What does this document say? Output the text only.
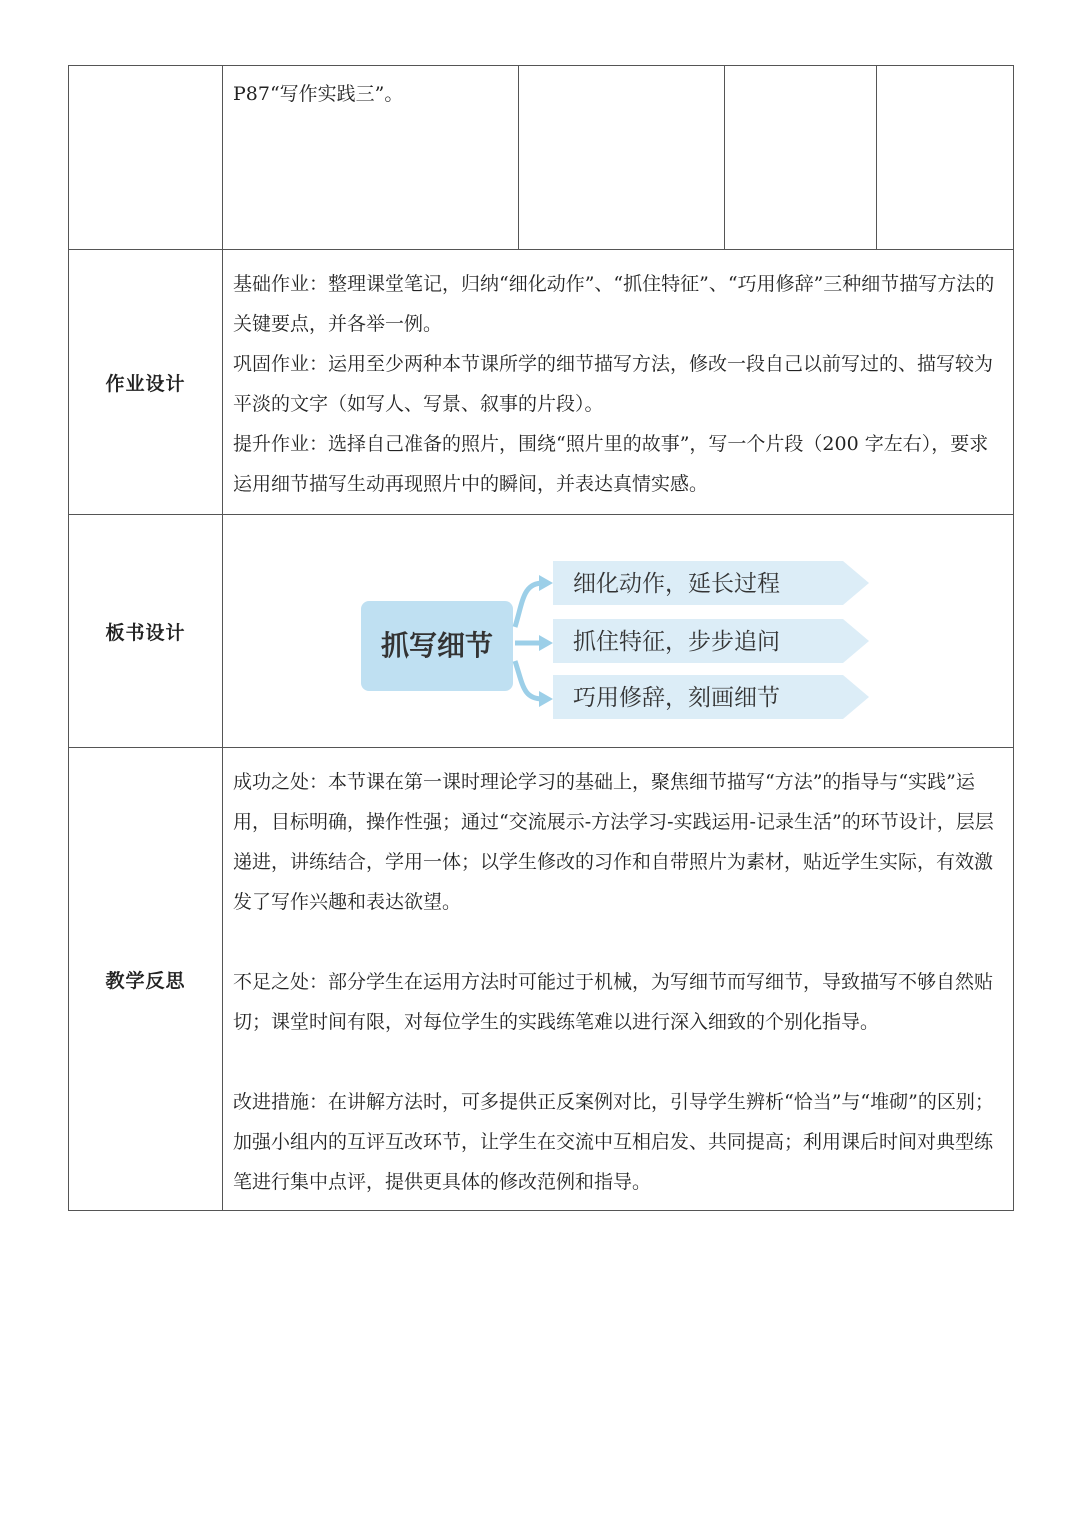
	P87“写作实践三”。			

作业设计	基础作业：整理课堂笔记，归纳“细化动作”、“抓住特征”、“巧用修辞”三种细节描写方法的关键要点，并各举一例。

巩固作业：运用至少两种本节课所学的细节描写方法，修改一段自己以前写过的、描写较为平淡的文字（如写人、写景、叙事的片段）。

提升作业：选择自己准备的照片，围绕“照片里的故事”，写一个片段（200 字左右），要求运用细节描写生动再现照片中的瞬间，并表达真情实感。			

板书设计	抓写细节
细化动作，延长过程
抓住特征，步步追问
巧用修辞，刻画细节			

教学反思	成功之处：本节课在第一课时理论学习的基础上，聚焦细节描写“方法”的指导与“实践”运用，目标明确，操作性强；通过“交流展示-方法学习-实践运用-记录生活”的环节设计，层层递进，讲练结合，学用一体；以学生修改的习作和自带照片为素材，贴近学生实际，有效激发了写作兴趣和表达欲望。

不足之处：部分学生在运用方法时可能过于机械，为写细节而写细节，导致描写不够自然贴切；课堂时间有限，对每位学生的实践练笔难以进行深入细致的个别化指导。

改进措施：在讲解方法时，可多提供正反案例对比，引导学生辨析“恰当”与“堆砌”的区别；加强小组内的互评互改环节，让学生在交流中互相启发、共同提高；利用课后时间对典型练笔进行集中点评，提供更具体的修改范例和指导。			
